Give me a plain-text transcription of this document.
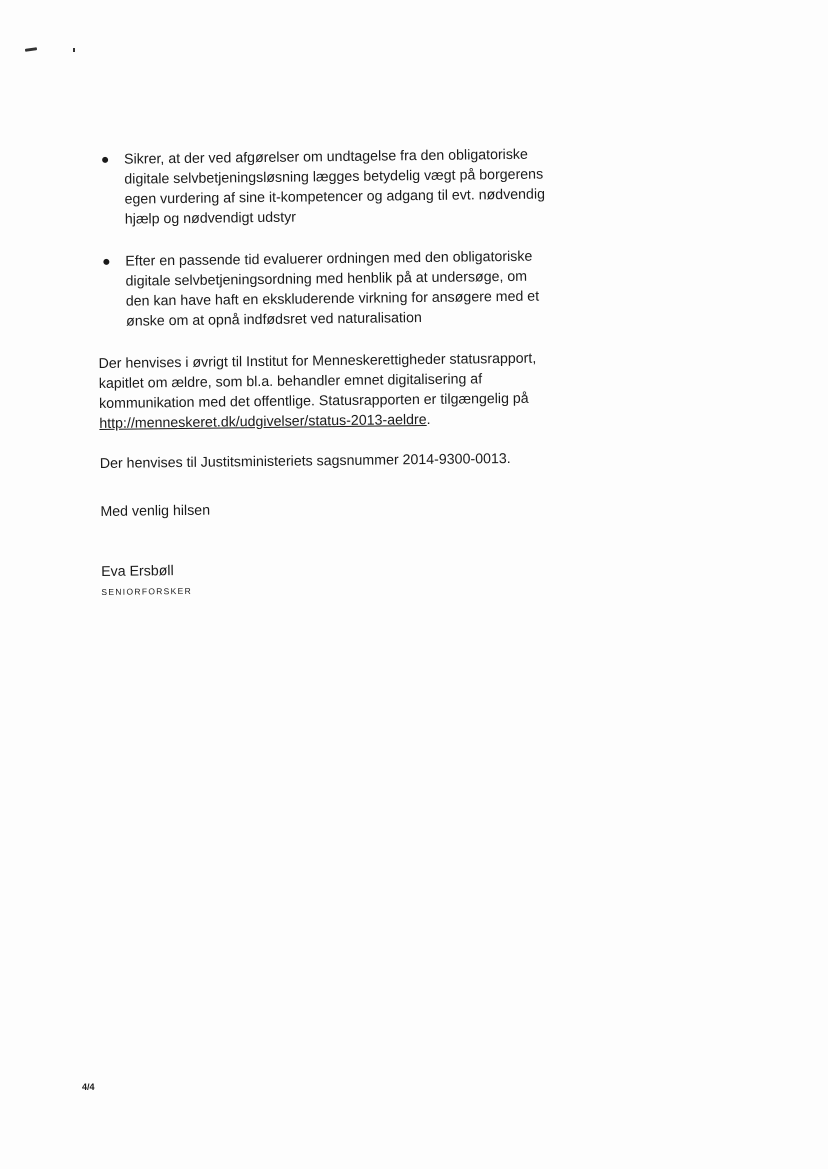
Sikrer, at der ved afgørelser om undtagelse fra den obligatoriske
digitale selvbetjeningsløsning lægges betydelig vægt på borgerens
egen vurdering af sine it-kompetencer og adgang til evt. nødvendig
hjælp og nødvendigt udstyr
Efter en passende tid evaluerer ordningen med den obligatoriske
digitale selvbetjeningsordning med henblik på at undersøge, om
den kan have haft en ekskluderende virkning for ansøgere med et
ønske om at opnå indfødsret ved naturalisation

Der henvises i øvrigt til Institut for Menneskerettigheder statusrapport,
kapitlet om ældre, som bl.a. behandler emnet digitalisering af
kommunikation med det offentlige. Statusrapporten er tilgængelig på
http://menneskeret.dk/udgivelser/status-2013-aeldre.

Der henvises til Justitsministeriets sagsnummer 2014-9300-0013.

Med venlig hilsen

Eva Ersbøll
SENIORFORSKER
4/4
